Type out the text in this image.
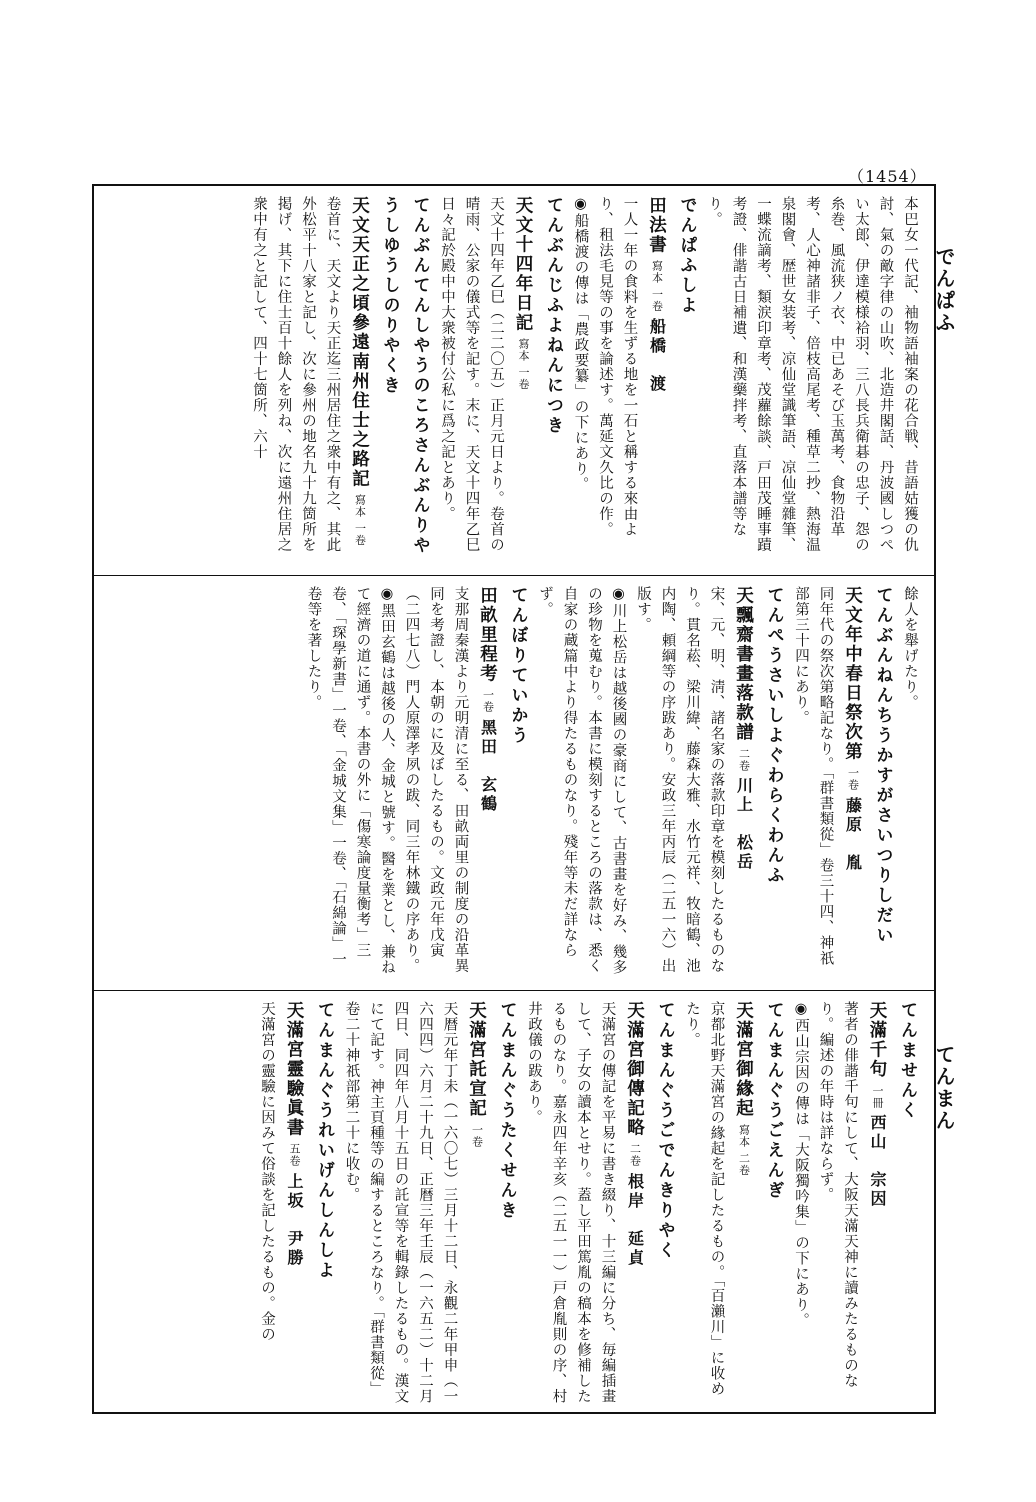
（1454）
でんぱふ
てんまん
本巴女一代記、袖物語袖案の花合戦、昔語姑獲の仇討、氣の敵字律の山吹、北造井閣話、丹波國しつぺい太郎、伊達模様袷羽、三八長兵衛碁の忠子、怨の糸巻、風流狭ノ衣、中已あそび玉萬考、食物沿革考、人心神諸非子、倍枝高尾考、種草二抄、熱海温泉閣會、歴世女装考、凉仙堂識筆語、凉仙堂雜筆、一蝶流謫考、類涙印章考、茂蘿餘談、戸田茂睡事蹟考證、俳諧古日補遺、和漢藥拌考、直落本譜等なり。
でんぱふしよ
田法書 寫本 一卷 船橋　渡
一人一年の食料を生ずる地を一石と稱する來由より、租法毛見等の事を論述す。萬延文久比の作。
◉船橋渡の傳は「農政要纂」の下にあり。
てんぶんじふよねんにつき
天文十四年日記 寫本 一卷
天文十四年乙巳（二二〇五）正月元日より。卷首の晴雨、公家の儀式等を記す。末に、天文十四年乙巳日々記於殿中中大衆被付公私に爲之記とあり。
てんぶんてんしやうのころさんぶんりやうしゆうしのりやくき
天文天正之頃參遠南州住士之路記 寫本 一卷
卷首に、天文より天正迄三州居住之衆中有之、其此外松平十八家と記し、次に參州の地名九十九箇所を掲げ、其下に住士百十餘人を列ね、次に遠州住居之衆中有之と記して、四十七箇所、六十
餘人を舉げたり。
てんぶんねんちうかすがさいつりしだい
天文年中春日祭次第 一卷 藤原　胤
同年代の祭次第略記なり。「群書類從」卷三十四、神祇部第三十四にあり。
てんぺうさいしよぐわらくわんふ
天飄齋書畫落款譜 二卷 川上　松岳
宋、元、明、淸、諸名家の落款印章を模刻したるものなり。貫名菘、梁川緯、藤森大雅、水竹元祥、牧暗鶴、池内陶、頼綱等の序跋あり。安政三年丙辰（二五一六）出版す。
◉川上松岳は越後國の豪商にして、古書畫を好み、幾多の珍物を蒐むり。本書に模刻するところの落款は、悉く自家の蔵篇中より得たるものなり。殘年等未だ詳ならず。
てんぼりていかう
田畝里程考 一卷 黑田　玄鶴
支那周秦漢より元明清に至る、田畝両里の制度の沿革異同を考證し、本朝のに及ぼしたるもの。文政元年戊寅（二四七八）門人原澤孝夙の跋、同三年林鐵の序あり。
◉黑田玄鶴は越後の人、金城と號す。醫を業とし、兼ねて經濟の道に通ず。本書の外に「傷寒論度量衡考」三卷、「琛學新書」一卷、「金城文集」一卷、「石綿論」一卷等を著したり。
てんませんく
天滿千句 一冊 西山　宗因
著者の俳諧千句にして、大阪天滿天神に讀みたるものなり。編述の年時は詳ならず。
◉西山宗因の傳は「大阪獨吟集」の下にあり。
てんまんぐうごえんぎ
天滿宮御緣起 寫本 二卷
京都北野天滿宮の緣起を記したるもの。「百瀨川」に收めたり。
てんまんぐうごでんきりやく
天滿宮御傳記略 二卷 根岸　延貞
天滿宮の傳記を平易に書き綴り、十三編に分ち、毎編插畫して、子女の讀本とせり。蓋し平田篤胤の稿本を修補したるものなり。嘉永四年辛亥（二五一一）戸倉胤則の序、村井政儀の跋あり。
てんまんぐうたくせんき
天滿宮託宣記 一卷
天暦元年丁未（一六〇七）三月十二日、永觀二年甲申（一六四四）六月二十九日、正暦三年壬辰（一六五二）十二月四日、同四年八月十五日の託宣等を輯錄したるもの。漢文にて記す。神主頁種等の編するところなり。「群書類從」卷二十神祇部第二十に收む。
てんまんぐうれいげんしんしよ
天滿宮靈驗眞書 五卷 上坂　尹勝
天滿宮の靈驗に因みて俗談を記したるもの。金の
